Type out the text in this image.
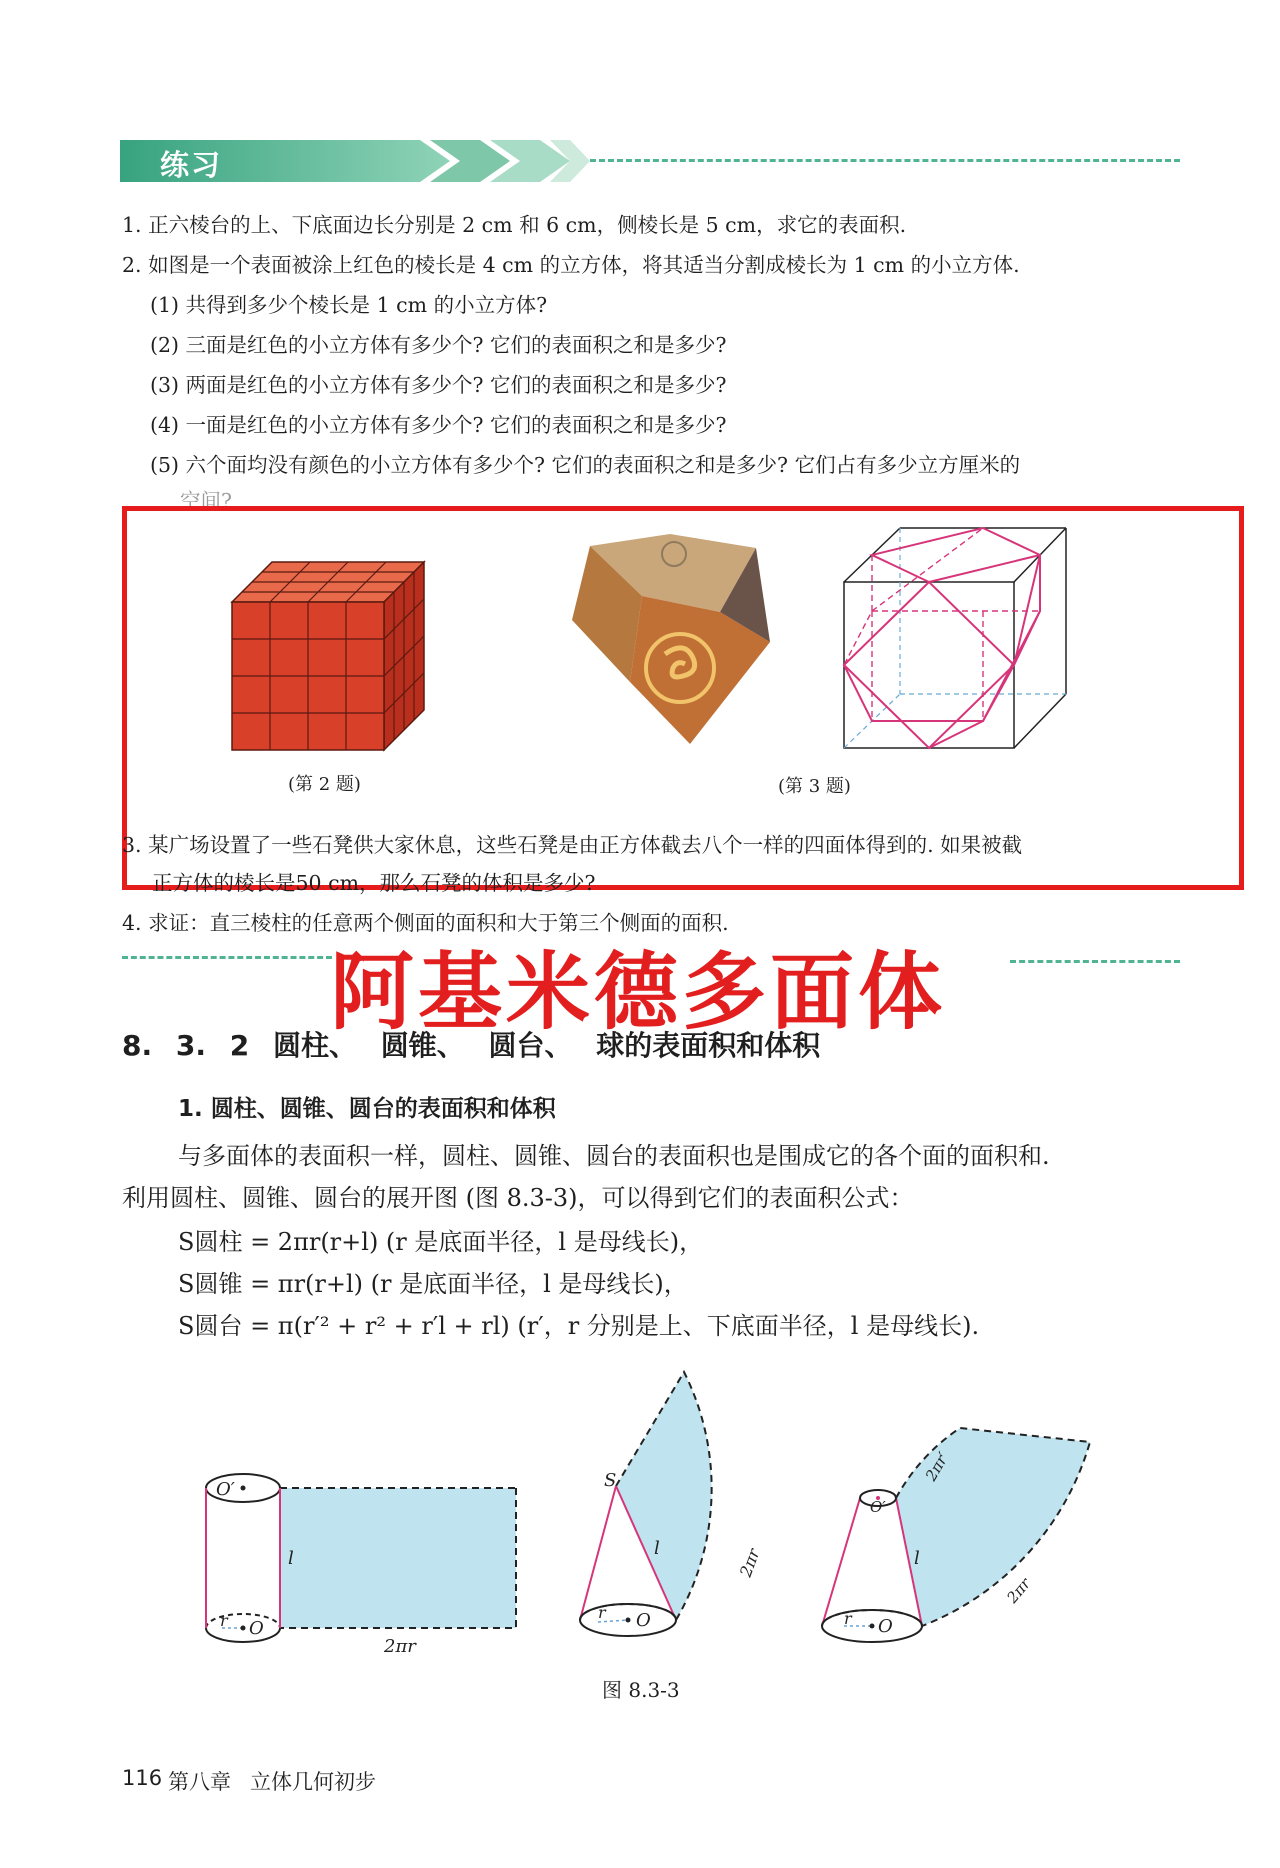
练习
1. 正六棱台的上、下底面边长分别是 2 cm 和 6 cm，侧棱长是 5 cm，求它的表面积.
2. 如图是一个表面被涂上红色的棱长是 4 cm 的立方体，将其适当分割成棱长为 1 cm 的小立方体.
(1) 共得到多少个棱长是 1 cm 的小立方体?
(2) 三面是红色的小立方体有多少个? 它们的表面积之和是多少?
(3) 两面是红色的小立方体有多少个? 它们的表面积之和是多少?
(4) 一面是红色的小立方体有多少个? 它们的表面积之和是多少?
(5) 六个面均没有颜色的小立方体有多少个? 它们的表面积之和是多少? 它们占有多少立方厘米的
空间?
(第 2 题)	(第 3 题)
3. 某广场设置了一些石凳供大家休息，这些石凳是由正方体截去八个一样的四面体得到的. 如果被截
正方体的棱长是50 cm，那么石凳的体积是多少?
4. 求证：直三棱柱的任意两个侧面的面积和大于第三个侧面的面积.
阿基米德多面体
8. 3. 2 圆柱、 圆锥、 圆台、 球的表面积和体积
1. 圆柱、圆锥、圆台的表面积和体积
与多面体的表面积一样，圆柱、圆锥、圆台的表面积也是围成它的各个面的面积和.
利用圆柱、圆锥、圆台的展开图 (图 8.3-3)，可以得到它们的表面积公式：
S圆柱 = 2πr(r+l) (r 是底面半径，l 是母线长)，
S圆锥 = πr(r+l) (r 是底面半径，l 是母线长)，
S圆台 = π(r′² + r² + r′l + rl) (r′，r 分别是上、下底面半径，l 是母线长).
O′
O
r
l
2πr
S
l	2πr
r O
O′
r O
l
2πr′
2πr
图 8.3-3
116 第八章 立体几何初步
